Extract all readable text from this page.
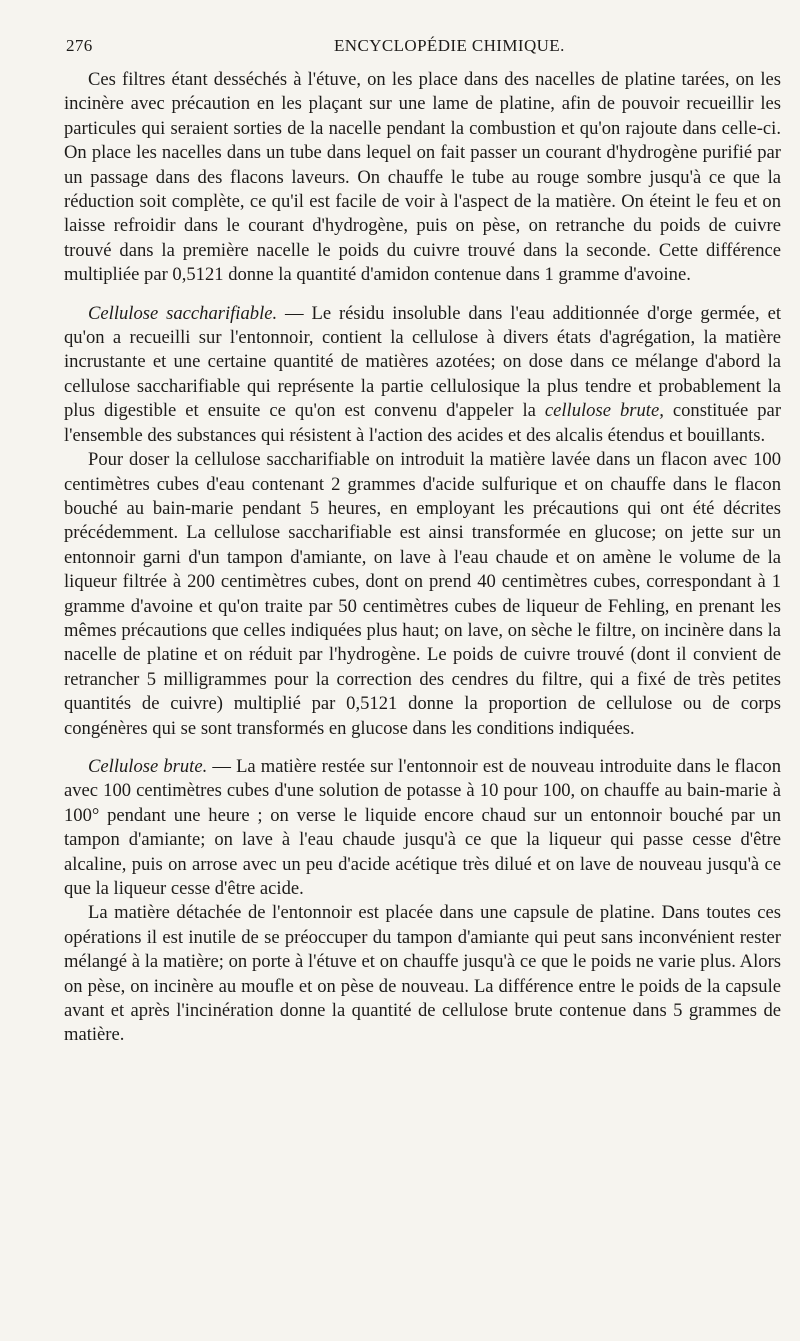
276	ENCYCLOPÉDIE CHIMIQUE.

Ces filtres étant desséchés à l'étuve, on les place dans des nacelles de platine tarées, on les incinère avec précaution en les plaçant sur une lame de platine, afin de pouvoir recueillir les particules qui seraient sorties de la nacelle pendant la combustion et qu'on rajoute dans celle-ci. On place les nacelles dans un tube dans lequel on fait passer un courant d'hydrogène purifié par un passage dans des flacons laveurs. On chauffe le tube au rouge sombre jusqu'à ce que la réduction soit complète, ce qu'il est facile de voir à l'aspect de la matière. On éteint le feu et on laisse refroidir dans le courant d'hydrogène, puis on pèse, on retranche du poids de cuivre trouvé dans la première nacelle le poids du cuivre trouvé dans la seconde. Cette différence multipliée par 0,5121 donne la quantité d'amidon contenue dans 1 gramme d'avoine.

Cellulose saccharifiable. — Le résidu insoluble dans l'eau additionnée d'orge germée, et qu'on a recueilli sur l'entonnoir, contient la cellulose à divers états d'agrégation, la matière incrustante et une certaine quantité de matières azotées; on dose dans ce mélange d'abord la cellulose saccharifiable qui représente la partie cellulosique la plus tendre et probablement la plus digestible et ensuite ce qu'on est convenu d'appeler la cellulose brute, constituée par l'ensemble des substances qui résistent à l'action des acides et des alcalis étendus et bouillants.

Pour doser la cellulose saccharifiable on introduit la matière lavée dans un flacon avec 100 centimètres cubes d'eau contenant 2 grammes d'acide sulfurique et on chauffe dans le flacon bouché au bain-marie pendant 5 heures, en employant les précautions qui ont été décrites précédemment. La cellulose saccharifiable est ainsi transformée en glucose; on jette sur un entonnoir garni d'un tampon d'amiante, on lave à l'eau chaude et on amène le volume de la liqueur filtrée à 200 centimètres cubes, dont on prend 40 centimètres cubes, correspondant à 1 gramme d'avoine et qu'on traite par 50 centimètres cubes de liqueur de Fehling, en prenant les mêmes précautions que celles indiquées plus haut; on lave, on sèche le filtre, on incinère dans la nacelle de platine et on réduit par l'hydrogène. Le poids de cuivre trouvé (dont il convient de retrancher 5 milligrammes pour la correction des cendres du filtre, qui a fixé de très petites quantités de cuivre) multiplié par 0,5121 donne la proportion de cellulose ou de corps congénères qui se sont transformés en glucose dans les conditions indiquées.

Cellulose brute. — La matière restée sur l'entonnoir est de nouveau introduite dans le flacon avec 100 centimètres cubes d'une solution de potasse à 10 pour 100, on chauffe au bain-marie à 100° pendant une heure ; on verse le liquide encore chaud sur un entonnoir bouché par un tampon d'amiante; on lave à l'eau chaude jusqu'à ce que la liqueur qui passe cesse d'être alcaline, puis on arrose avec un peu d'acide acétique très dilué et on lave de nouveau jusqu'à ce que la liqueur cesse d'être acide.

La matière détachée de l'entonnoir est placée dans une capsule de platine. Dans toutes ces opérations il est inutile de se préoccuper du tampon d'amiante qui peut sans inconvénient rester mélangé à la matière; on porte à l'étuve et on chauffe jusqu'à ce que le poids ne varie plus. Alors on pèse, on incinère au moufle et on pèse de nouveau. La différence entre le poids de la capsule avant et après l'incinération donne la quantité de cellulose brute contenue dans 5 grammes de matière.
